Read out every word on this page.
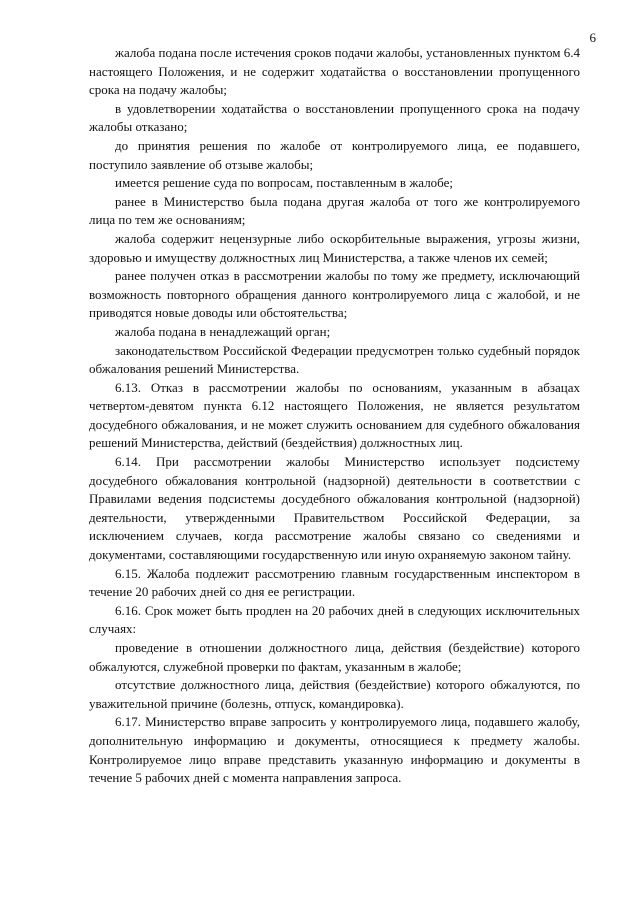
6

жалоба подана после истечения сроков подачи жалобы, установленных пунктом 6.4 настоящего Положения, и не содержит ходатайства о восстановлении пропущенного срока на подачу жалобы;

в удовлетворении ходатайства о восстановлении пропущенного срока на подачу жалобы отказано;

до принятия решения по жалобе от контролируемого лица, ее подавшего, поступило заявление об отзыве жалобы;

имеется решение суда по вопросам, поставленным в жалобе;

ранее в Министерство была подана другая жалоба от того же контролируемого лица по тем же основаниям;

жалоба содержит нецензурные либо оскорбительные выражения, угрозы жизни, здоровью и имуществу должностных лиц Министерства, а также членов их семей;

ранее получен отказ в рассмотрении жалобы по тому же предмету, исключающий возможность повторного обращения данного контролируемого лица с жалобой, и не приводятся новые доводы или обстоятельства;

жалоба подана в ненадлежащий орган;

законодательством Российской Федерации предусмотрен только судебный порядок обжалования решений Министерства.

6.13. Отказ в рассмотрении жалобы по основаниям, указанным в абзацах четвертом-девятом пункта 6.12 настоящего Положения, не является результатом досудебного обжалования, и не может служить основанием для судебного обжалования решений Министерства, действий (бездействия) должностных лиц.

6.14. При рассмотрении жалобы Министерство использует подсистему досудебного обжалования контрольной (надзорной) деятельности в соответствии с Правилами ведения подсистемы досудебного обжалования контрольной (надзорной) деятельности, утвержденными Правительством Российской Федерации, за исключением случаев, когда рассмотрение жалобы связано со сведениями и документами, составляющими государственную или иную охраняемую законом тайну.

6.15. Жалоба подлежит рассмотрению главным государственным инспектором в течение 20 рабочих дней со дня ее регистрации.

6.16. Срок может быть продлен на 20 рабочих дней в следующих исключительных случаях:

проведение в отношении должностного лица, действия (бездействие) которого обжалуются, служебной проверки по фактам, указанным в жалобе;

отсутствие должностного лица, действия (бездействие) которого обжалуются, по уважительной причине (болезнь, отпуск, командировка).

6.17. Министерство вправе запросить у контролируемого лица, подавшего жалобу, дополнительную информацию и документы, относящиеся к предмету жалобы. Контролируемое лицо вправе представить указанную информацию и документы в течение 5 рабочих дней с момента направления запроса.
